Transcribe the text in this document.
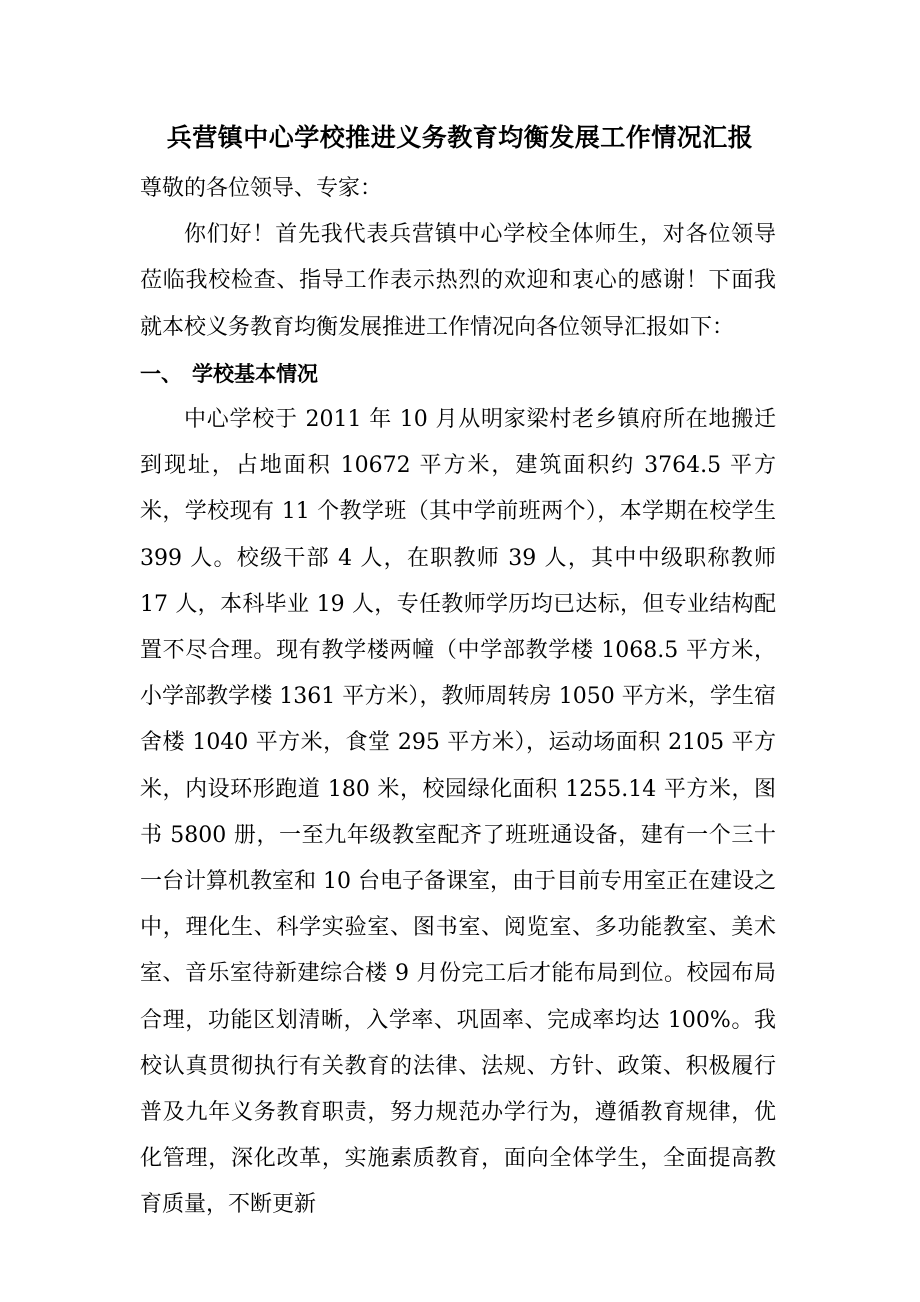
兵营镇中心学校推进义务教育均衡发展工作情况汇报

尊敬的各位领导、专家：

你们好！首先我代表兵营镇中心学校全体师生，对各位领导莅临我校检查、指导工作表示热烈的欢迎和衷心的感谢！下面我就本校义务教育均衡发展推进工作情况向各位领导汇报如下：

一、 学校基本情况

中心学校于 2011 年 10 月从明家梁村老乡镇府所在地搬迁到现址，占地面积 10672 平方米，建筑面积约 3764.5 平方米，学校现有 11 个教学班（其中学前班两个），本学期在校学生 399 人。校级干部 4 人，在职教师 39 人，其中中级职称教师 17 人，本科毕业 19 人，专任教师学历均已达标，但专业结构配置不尽合理。现有教学楼两幢（中学部教学楼 1068.5 平方米，小学部教学楼 1361 平方米），教师周转房 1050 平方米，学生宿舍楼 1040 平方米，食堂 295 平方米），运动场面积 2105 平方米，内设环形跑道 180 米，校园绿化面积 1255.14 平方米，图书 5800 册，一至九年级教室配齐了班班通设备，建有一个三十一台计算机教室和 10 台电子备课室，由于目前专用室正在建设之中，理化生、科学实验室、图书室、阅览室、多功能教室、美术室、音乐室待新建综合楼 9 月份完工后才能布局到位。校园布局合理，功能区划清晰，入学率、巩固率、完成率均达 100%。我校认真贯彻执行有关教育的法律、法规、方针、政策、积极履行普及九年义务教育职责，努力规范办学行为，遵循教育规律，优化管理，深化改革，实施素质教育，面向全体学生，全面提高教育质量，不断更新
